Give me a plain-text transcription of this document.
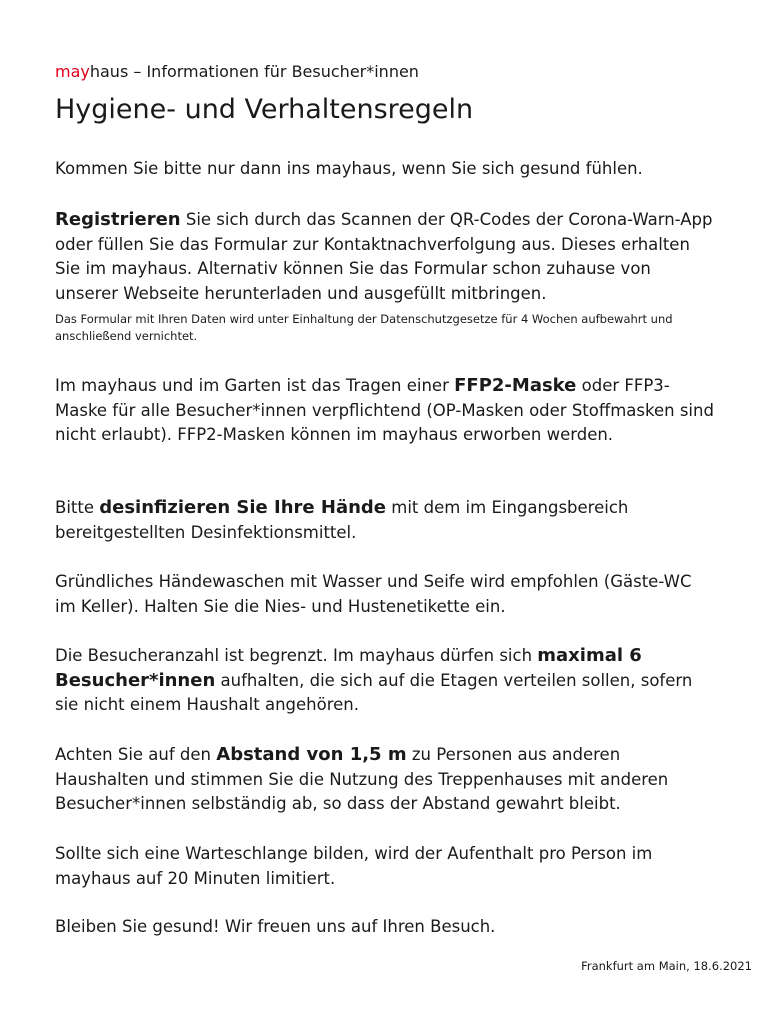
mayhaus – Informationen für Besucher*innen
Hygiene- und Verhaltensregeln

Kommen Sie bitte nur dann ins mayhaus, wenn Sie sich gesund fühlen.

Registrieren Sie sich durch das Scannen der QR-Codes der Corona-Warn-App oder füllen Sie das Formular zur Kontaktnachverfolgung aus. Dieses erhalten Sie im mayhaus. Alternativ können Sie das Formular schon zuhause von unserer Webseite herunterladen und ausgefüllt mitbringen.

Das Formular mit Ihren Daten wird unter Einhaltung der Datenschutzgesetze für 4 Wochen aufbewahrt und anschließend vernichtet.

Im mayhaus und im Garten ist das Tragen einer FFP2-Maske oder FFP3-Maske für alle Besucher*innen verpflichtend (OP-Masken oder Stoffmasken sind nicht erlaubt). FFP2-Masken können im mayhaus erworben werden.

Bitte desinfizieren Sie Ihre Hände mit dem im Eingangsbereich bereitgestellten Desinfektionsmittel.

Gründliches Händewaschen mit Wasser und Seife wird empfohlen (Gäste-WC im Keller). Halten Sie die Nies- und Hustenetikette ein.

Die Besucheranzahl ist begrenzt. Im mayhaus dürfen sich maximal 6 Besucher*innen aufhalten, die sich auf die Etagen verteilen sollen, sofern sie nicht einem Haushalt angehören.

Achten Sie auf den Abstand von 1,5 m zu Personen aus anderen Haushalten und stimmen Sie die Nutzung des Treppenhauses mit anderen Besucher*innen selbständig ab, so dass der Abstand gewahrt bleibt.

Sollte sich eine Warteschlange bilden, wird der Aufenthalt pro Person im mayhaus auf 20 Minuten limitiert.

Bleiben Sie gesund! Wir freuen uns auf Ihren Besuch.

Frankfurt am Main, 18.6.2021
